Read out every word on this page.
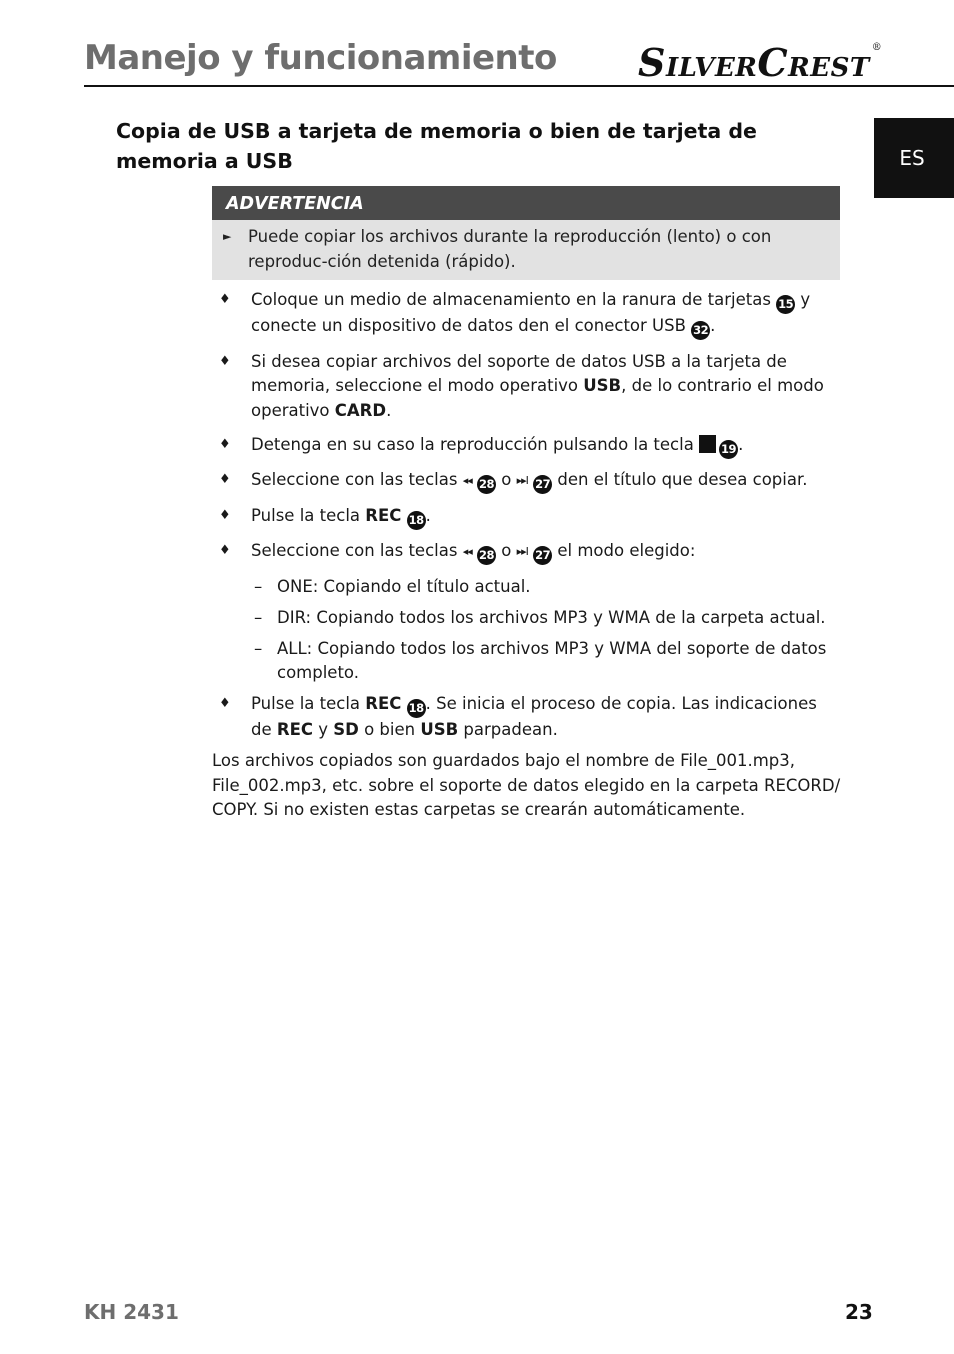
Manejo y funcionamiento SILVERCREST®
ES
Copia de USB a tarjeta de memoria o bien de tarjeta de memoria a USB
ADVERTENCIA
►	Puede copiar los archivos durante la reproducción (lento) o con reproduc-ción detenida (rápido).
♦	Coloque un medio de almacenamiento en la ranura de tarjetas 15 y conecte un dispositivo de datos den el conector USB 32 .
♦	Si desea copiar archivos del soporte de datos USB a la tarjeta de memoria, seleccione el modo operativo USB, de lo contrario el modo operativo CARD.
♦	Detenga en su caso la reproducción pulsando la tecla 19 .
♦	Seleccione con las teclas ◂◂ 28 o ▸▸I 27 den el título que desea copiar.
♦	Pulse la tecla REC 18 .
♦	Seleccione con las teclas ◂◂ 28 o ▸▸I 27 el modo elegido:
– ONE: Copiando el título actual.
– DIR: Copiando todos los archivos MP3 y WMA de la carpeta actual.
– ALL: Copiando todos los archivos MP3 y WMA del soporte de datos completo.
♦	Pulse la tecla REC 18 . Se inicia el proceso de copia. Las indicaciones de REC y SD o bien USB parpadean.
Los archivos copiados son guardados bajo el nombre de File_001.mp3, File_002.mp3, etc. sobre el soporte de datos elegido en la carpeta RECORD/ COPY. Si no existen estas carpetas se crearán automáticamente.
KH 2431	23
